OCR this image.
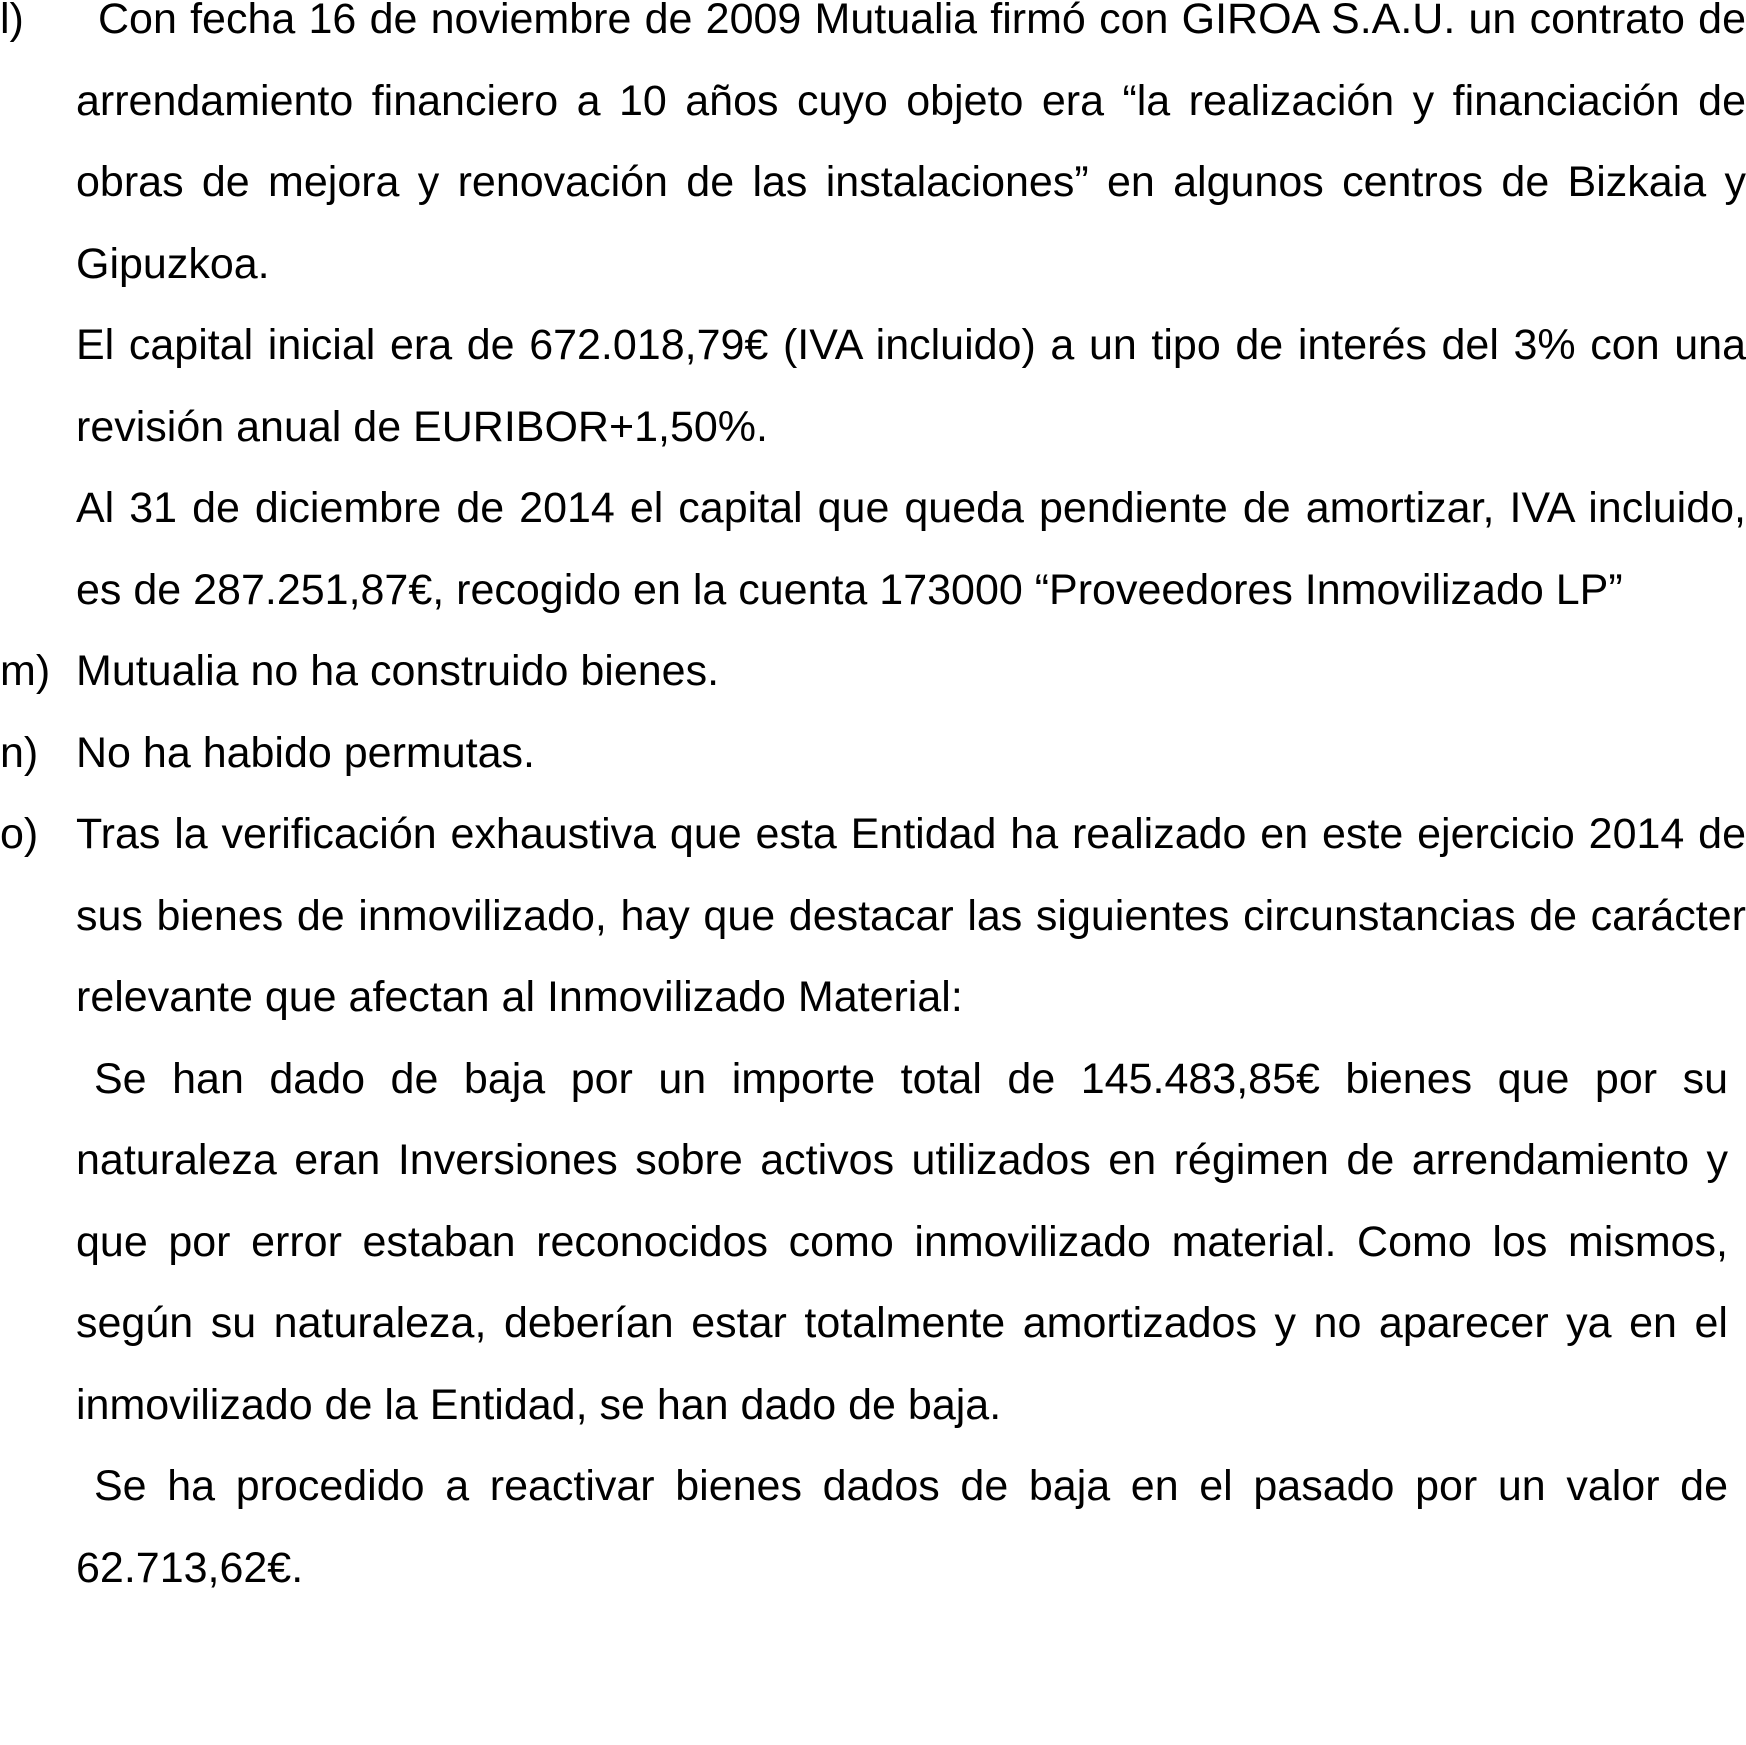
l)	Con fecha 16 de noviembre de 2009 Mutualia firmó con GIROA S.A.U. un contrato de arrendamiento financiero a 10 años cuyo objeto era “la realización y financiación de obras de mejora y renovación de las instalaciones” en algunos centros de Bizkaia y Gipuzkoa.

El capital inicial era de 672.018,79€ (IVA incluido) a un tipo de interés del 3% con una revisión anual de EURIBOR+1,50%.

Al 31 de diciembre de 2014 el capital que queda pendiente de amortizar, IVA incluido, es de 287.251,87€, recogido en la cuenta 173000 “Proveedores Inmovilizado LP”

m) Mutualia no ha construido bienes.

n) No ha habido permutas.

o) Tras la verificación exhaustiva que esta Entidad ha realizado en este ejercicio 2014 de sus bienes de inmovilizado, hay que destacar las siguientes circunstancias de carácter relevante que afectan al Inmovilizado Material:

Se han dado de baja por un importe total de 145.483,85€ bienes que por su naturaleza eran Inversiones sobre activos utilizados en régimen de arrendamiento y que por error estaban reconocidos como inmovilizado material. Como los mismos, según su naturaleza, deberían estar totalmente amortizados y no aparecer ya en el inmovilizado de la Entidad, se han dado de baja.

Se ha procedido a reactivar bienes dados de baja en el pasado por un valor de 62.713,62€.
